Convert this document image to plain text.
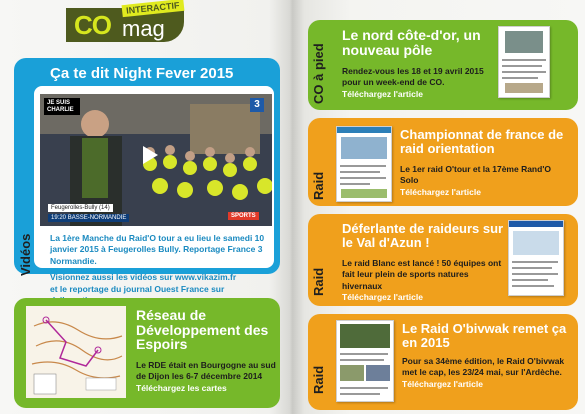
CO mag
INTERACTIF
Vidéos
Ça te dit Night Fever 2015
JE SUIS CHARLIE	3
Feugerolles-Bully (14)
19:20 BASSE-NORMANDIE	SPORTS

La 1ère Manche du Raid'O tour a eu lieu le samedi 10 janvier 2015 à Feugerolles Bully. Reportage France 3 Normandie.

Visionnez aussi les vidéos sur www.vikazim.fr

et le reportage du journal Ouest France sur

Réseau de Développement des Espoirs

Le RDE était en Bourgogne au sud de Dijon les 6-7 décembre 2014

Téléchargez les cartes

CO à pied
Le nord côte-d'or, un nouveau pôle

Rendez-vous les 18 et 19 avril 2015 pour un week-end de CO.

Téléchargez l'article

Raid
Championnat de france de raid orientation

Le 1er raid O'tour et la 17ème Rand'O Solo

Téléchargez l'article

Raid
Déferlante de raideurs sur le Val d'Azun !

Le raid Blanc est lancé ! 50 équipes ont fait leur plein de sports natures hivernaux

Téléchargez l'article

Raid
Le Raid O'bivwak remet ça en 2015

Pour sa 34ème édition, le Raid O'bivwak met le cap, les 23/24 mai, sur l'Ardèche.

Téléchargez l'article
